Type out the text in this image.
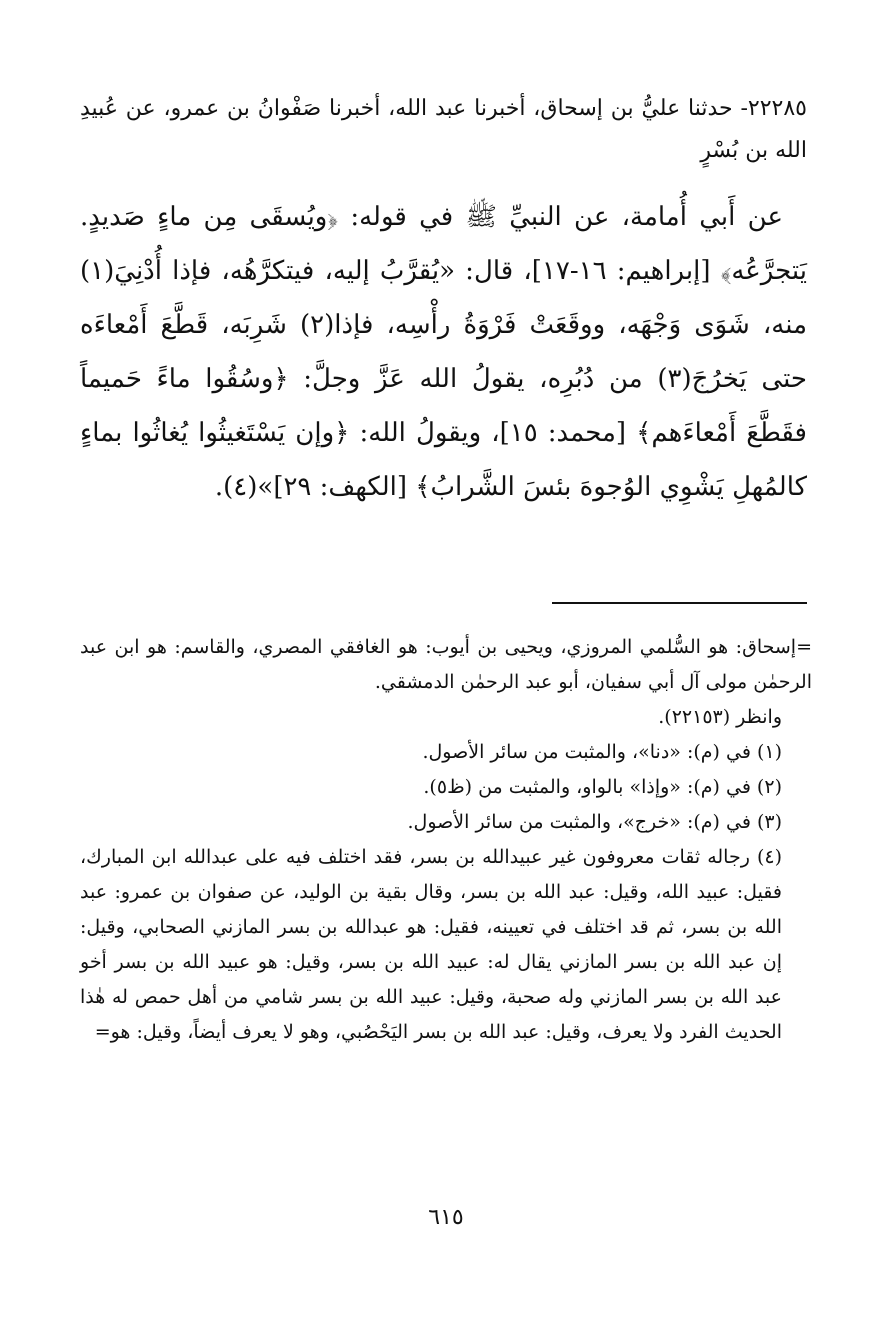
٢٢٢٨٥- حدثنا عليُّ بن إسحاق، أخبرنا عبد الله، أخبرنا صَفْوانُ بن عمرو، عن عُبيدِ الله بن بُسْرٍ
عن أَبي أُمامة، عن النبيِّ ﷺ في قوله: ﴿ويُسقَى مِن ماءٍ صَديدٍ. يَتجرَّعُه﴾ [إبراهيم: ١٦-١٧]، قال: «يُقرَّبُ إليه، فيتكرَّهُه، فإذا أُدْنِيَ(١) منه، شَوَى وَجْهَه، ووقَعَتْ فَرْوَةُ رأْسِه، فإذا(٢) شَرِبَه، قَطَّعَ أَمْعاءَه حتى يَخرُجَ(٣) من دُبُرِه، يقولُ الله عَزَّ وجلَّ: ﴿وسُقُوا ماءً حَميماً فقَطَّعَ أَمْعاءَهم﴾ [محمد: ١٥]، ويقولُ الله: ﴿وإن يَسْتَغيثُوا يُغاثُوا بماءٍ كالمُهلِ يَشْوِي الوُجوهَ بئسَ الشَّرابُ﴾ [الكهف: ٢٩]»(٤).

=إسحاق: هو السُّلمي المروزي، ويحيى بن أيوب: هو الغافقي المصري، والقاسم: هو ابن عبد الرحمٰن مولى آل أبي سفيان، أبو عبد الرحمٰن الدمشقي.

وانظر (٢٢١٥٣).

(١) في (م): «دنا»، والمثبت من سائر الأصول.

(٢) في (م): «وإذا» بالواو، والمثبت من (ظ٥).

(٣) في (م): «خرج»، والمثبت من سائر الأصول.

(٤) رجاله ثقات معروفون غير عبيدالله بن بسر، فقد اختلف فيه على عبدالله ابن المبارك، فقيل: عبيد الله، وقيل: عبد الله بن بسر، وقال بقية بن الوليد، عن صفوان بن عمرو: عبد الله بن بسر، ثم قد اختلف في تعيينه، فقيل: هو عبدالله بن بسر المازني الصحابي، وقيل: إن عبد الله بن بسر المازني يقال له: عبيد الله بن بسر، وقيل: هو عبيد الله بن بسر أخو عبد الله بن بسر المازني وله صحبة، وقيل: عبيد الله بن بسر شامي من أهل حمص له هٰذا الحديث الفرد ولا يعرف، وقيل: عبد الله بن بسر اليَحْصُبي، وهو لا يعرف أيضاً، وقيل: هو=

٦١٥
